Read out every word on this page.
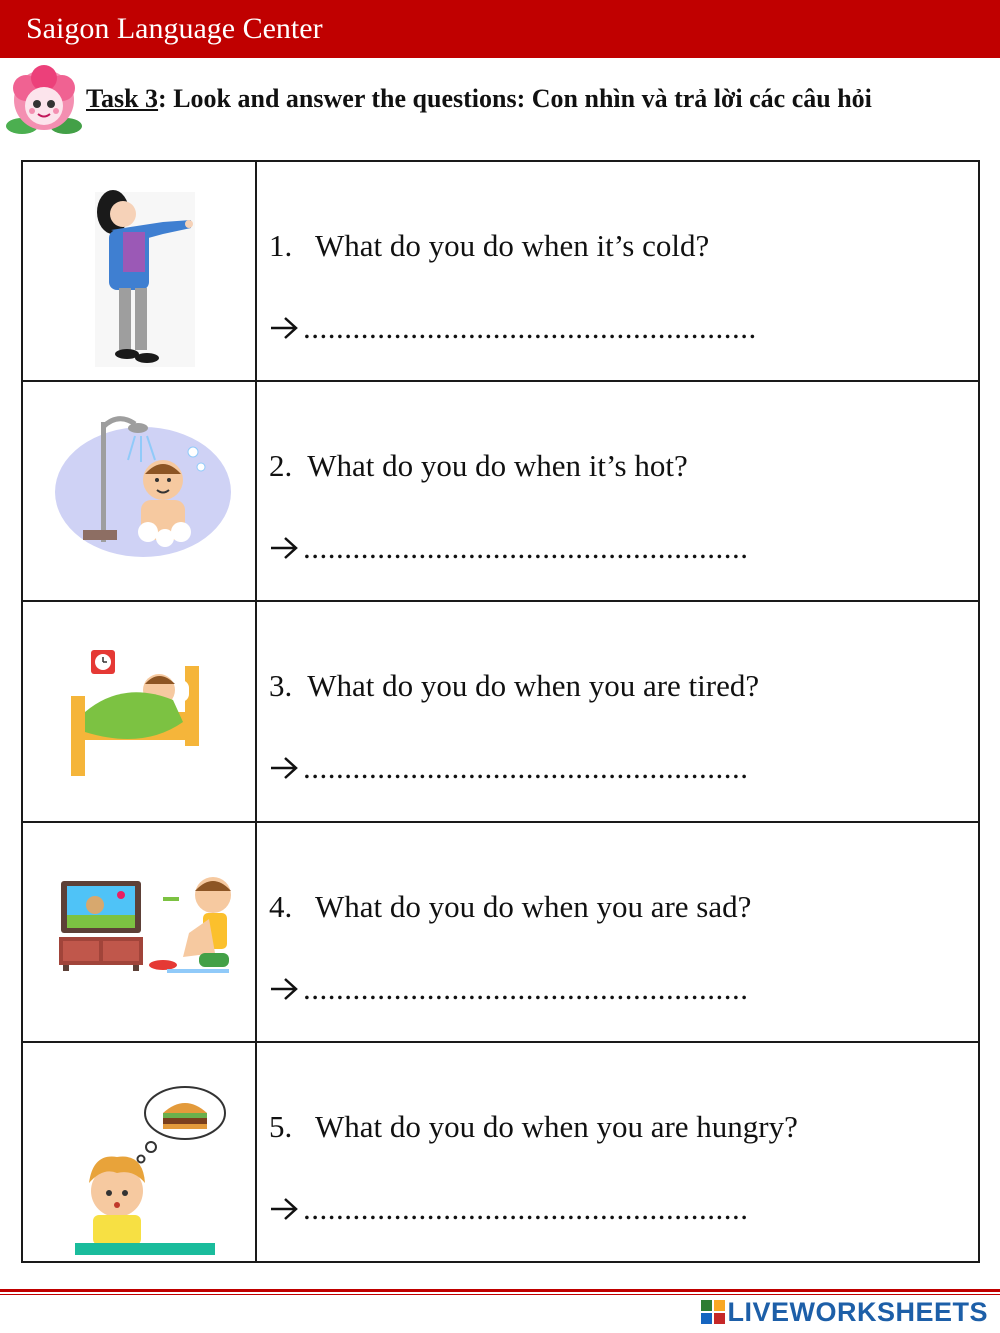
Saigon Language Center
Task 3: Look and answer the questions: Con nhìn và trả lời các câu hỏi

1.   What do you do when it’s cold?
.......................................................

2.  What do you do when it’s hot?
......................................................

3.  What do you do when you are tired?
......................................................

4.   What do you do when you are sad?
......................................................

5.   What do you do when you are hungry?
......................................................
LIVEWORKSHEETS
